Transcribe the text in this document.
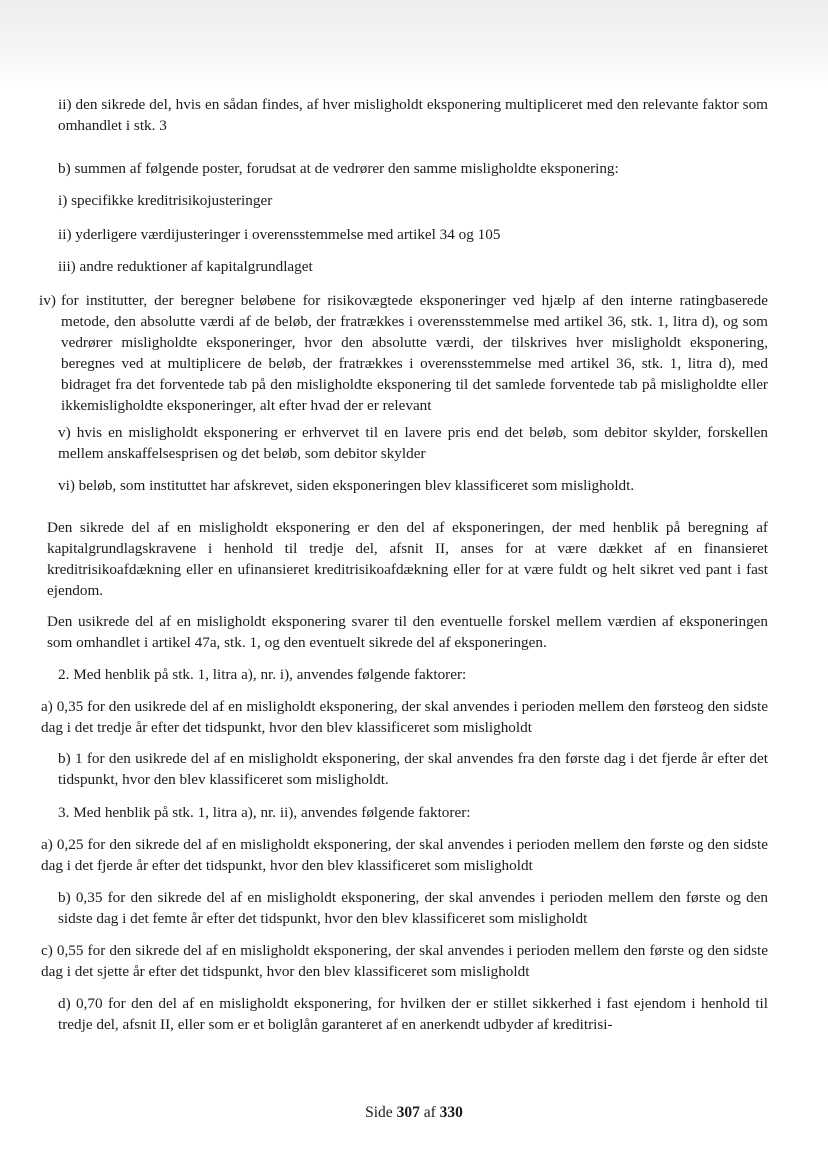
ii) den sikrede del, hvis en sådan findes, af hver misligholdt eksponering multipliceret med den relevante faktor som omhandlet i stk. 3

b) summen af følgende poster, forudsat at de vedrører den samme misligholdte eksponering:

i) specifikke kreditrisikojusteringer

ii) yderligere værdijusteringer i overensstemmelse med artikel 34 og 105

iii) andre reduktioner af kapitalgrundlaget

iv) for institutter, der beregner beløbene for risikovægtede eksponeringer ved hjælp af den interne ratingbaserede metode, den absolutte værdi af de beløb, der fratrækkes i overensstemmelse med artikel 36, stk. 1, litra d), og som vedrører misligholdte eksponeringer, hvor den absolutte værdi, der tilskrives hver misligholdt eksponering, beregnes ved at multiplicere de beløb, der fratrækkes i overensstemmelse med artikel 36, stk. 1, litra d), med bidraget fra det forventede tab på den misligholdte eksponering til det samlede forventede tab på misligholdte eller ikkemisligholdte eksponeringer, alt efter hvad der er relevant

v) hvis en misligholdt eksponering er erhvervet til en lavere pris end det beløb, som debitor skylder, forskellen mellem anskaffelsesprisen og det beløb, som debitor skylder

vi) beløb, som instituttet har afskrevet, siden eksponeringen blev klassificeret som misligholdt.

Den sikrede del af en misligholdt eksponering er den del af eksponeringen, der med henblik på beregning af kapitalgrundlagskravene i henhold til tredje del, afsnit II, anses for at være dækket af en finansieret kreditrisikoafdækning eller en ufinansieret kreditrisikoafdækning eller for at være fuldt og helt sikret ved pant i fast ejendom.

Den usikrede del af en misligholdt eksponering svarer til den eventuelle forskel mellem værdien af eksponeringen som omhandlet i artikel 47a, stk. 1, og den eventuelt sikrede del af eksponeringen.

2. Med henblik på stk. 1, litra a), nr. i), anvendes følgende faktorer:

a) 0,35 for den usikrede del af en misligholdt eksponering, der skal anvendes i perioden mellem den førsteog den sidste dag i det tredje år efter det tidspunkt, hvor den blev klassificeret som misligholdt

b) 1 for den usikrede del af en misligholdt eksponering, der skal anvendes fra den første dag i det fjerde år efter det tidspunkt, hvor den blev klassificeret som misligholdt.

3. Med henblik på stk. 1, litra a), nr. ii), anvendes følgende faktorer:

a) 0,25 for den sikrede del af en misligholdt eksponering, der skal anvendes i perioden mellem den første og den sidste dag i det fjerde år efter det tidspunkt, hvor den blev klassificeret som misligholdt

b) 0,35 for den sikrede del af en misligholdt eksponering, der skal anvendes i perioden mellem den første og den sidste dag i det femte år efter det tidspunkt, hvor den blev klassificeret som misligholdt

c) 0,55 for den sikrede del af en misligholdt eksponering, der skal anvendes i perioden mellem den første og den sidste dag i det sjette år efter det tidspunkt, hvor den blev klassificeret som misligholdt

d) 0,70 for den del af en misligholdt eksponering, for hvilken der er stillet sikkerhed i fast ejendom i henhold til tredje del, afsnit II, eller som er et boliglån garanteret af en anerkendt udbyder af kreditrisi-

Side 307 af 330
